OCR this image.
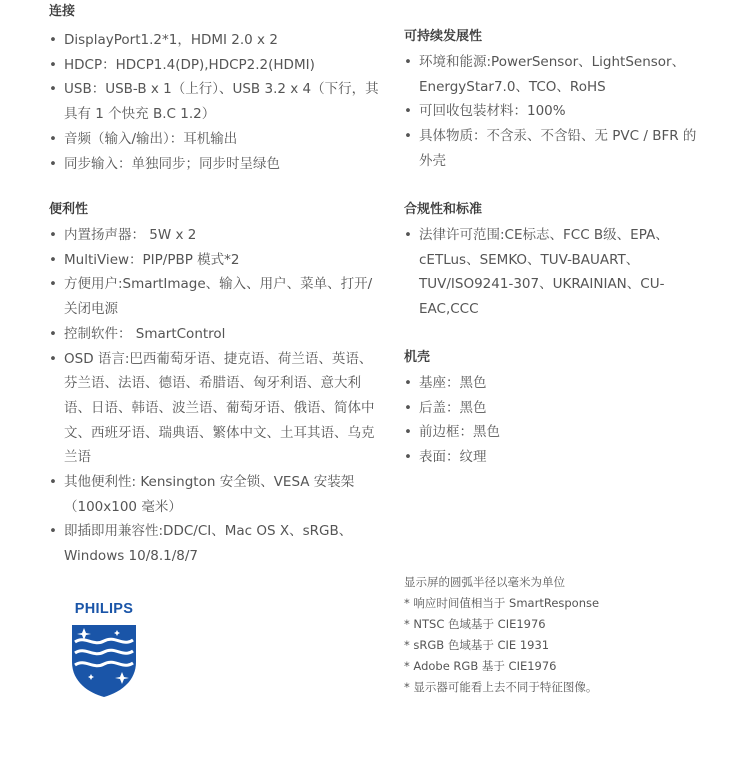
连接
• DisplayPort1.2*1，HDMI 2.0 x 2
• HDCP：HDCP1.4(DP),HDCP2.2(HDMI)
• USB：USB-B x 1（上行）、USB 3.2 x 4（下行，其具有 1 个快充 B.C 1.2）
• 音频（输入/输出）：耳机输出
• 同步输入：单独同步；同步时呈绿色
便利性
• 内置扬声器： 5W x 2
• MultiView：PIP/PBP 模式*2
• 方便用户:SmartImage、输入、用户、菜单、打开/关闭电源
• 控制软件： SmartControl
• OSD 语言:巴西葡萄牙语、捷克语、荷兰语、英语、芬兰语、法语、德语、希腊语、匈牙利语、意大利语、日语、韩语、波兰语、葡萄牙语、俄语、简体中文、西班牙语、瑞典语、繁体中文、土耳其语、乌克兰语
• 其他便利性: Kensington 安全锁、VESA 安装架（100x100 毫米）
• 即插即用兼容性:DDC/CI、Mac OS X、sRGB、Windows 10/8.1/8/7
可持续发展性
• 环境和能源:PowerSensor、LightSensor、EnergyStar7.0、TCO、RoHS
• 可回收包装材料：100%
• 具体物质：不含汞、不含铅、无 PVC / BFR 的外壳
合规性和标准
• 法律许可范围:CE标志、FCC B级、EPA、cETLus、SEMKO、TUV-BAUART、TUV/ISO9241-307、UKRAINIAN、CU-EAC,CCC
机壳
• 基座：黑色
• 后盖：黑色
• 前边框：黑色
• 表面：纹理
显示屏的圆弧半径以毫米为单位
* 响应时间值相当于 SmartResponse
* NTSC 色域基于 CIE1976
* sRGB 色域基于 CIE 1931
* Adobe RGB 基于 CIE1976
* 显示器可能看上去不同于特征图像。
PHILIPS
